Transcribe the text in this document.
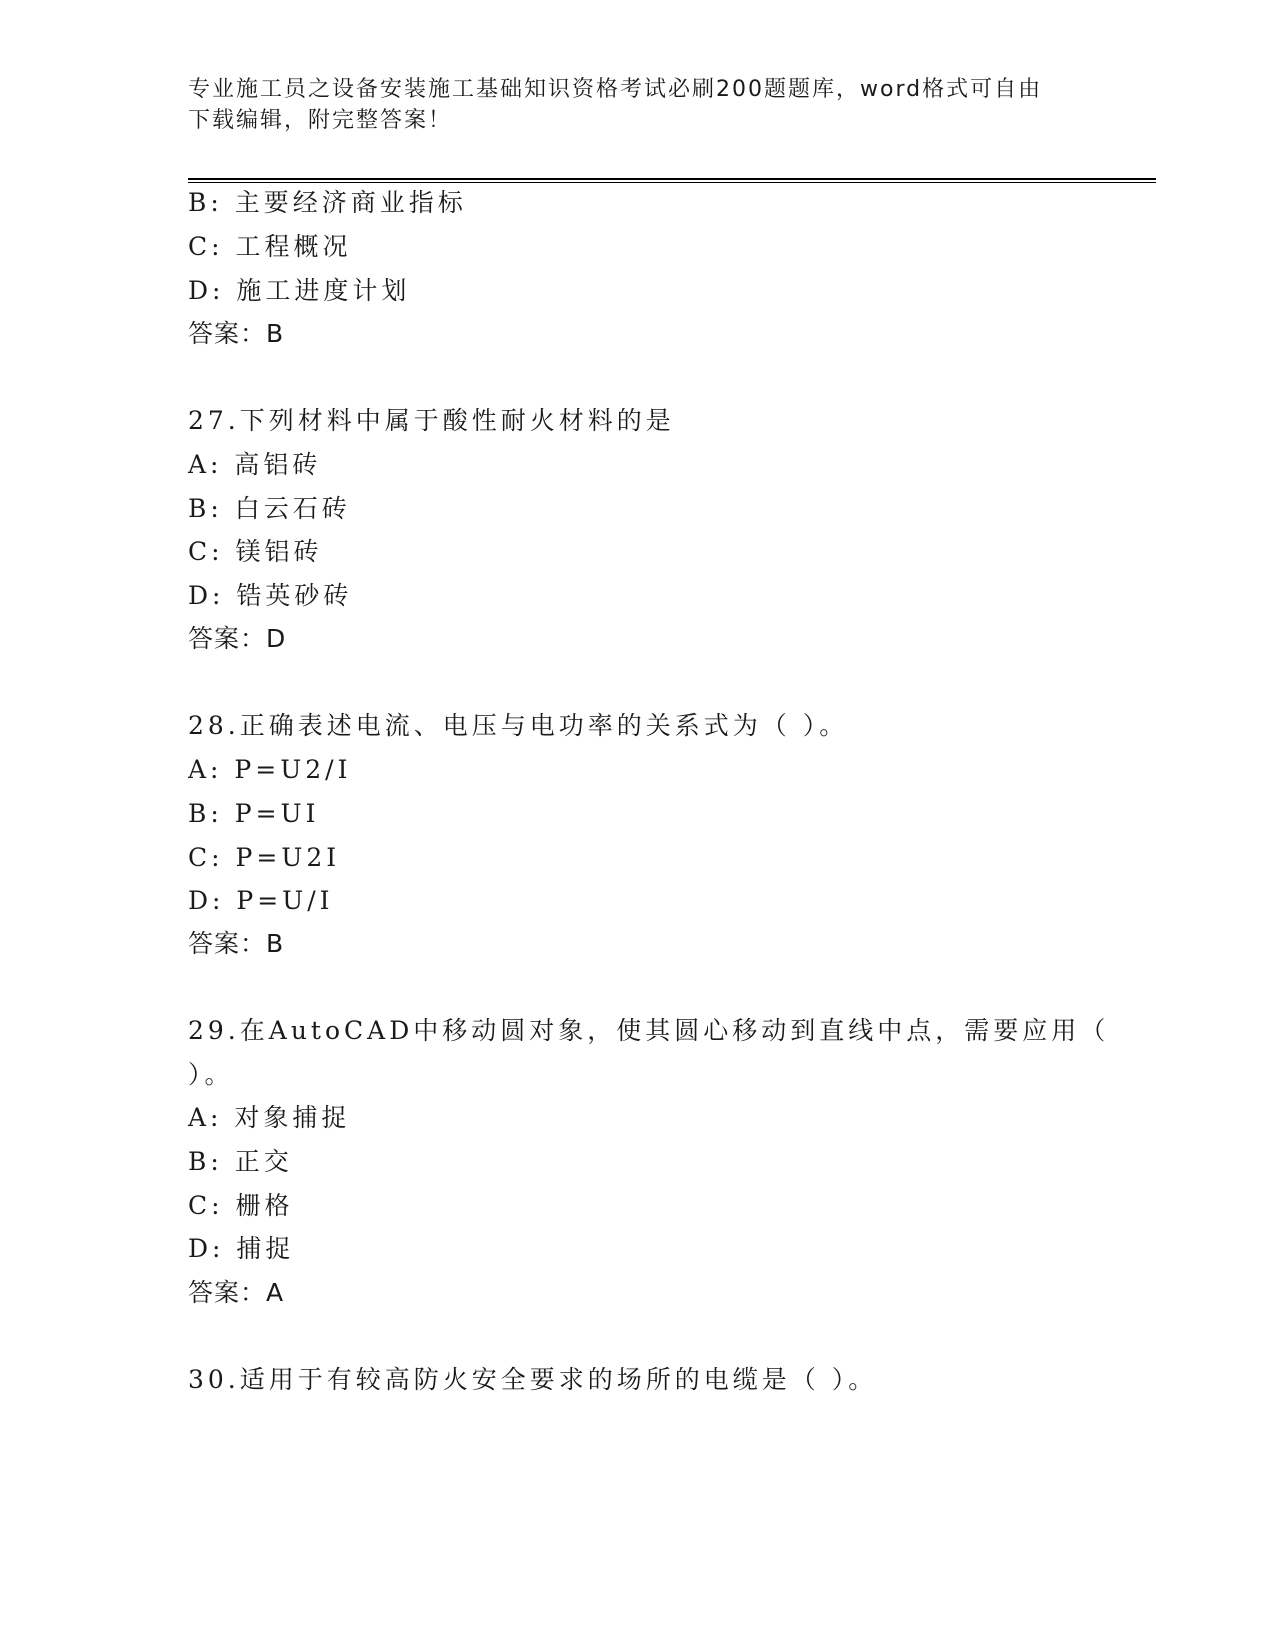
专业施工员之设备安装施工基础知识资格考试必刷200题题库，word格式可自由
下载编辑，附完整答案！
B: 主要经济商业指标
C: 工程概况
D: 施工进度计划
答案：B
27.下列材料中属于酸性耐火材料的是
A: 高铝砖
B: 白云石砖
C: 镁铝砖
D: 锆英砂砖
答案：D
28.正确表述电流、电压与电功率的关系式为（ ）。
A: P=U2/I
B: P=UI
C: P=U2I
D: P=U/I
答案：B
29.在AutoCAD中移动圆对象，使其圆心移动到直线中点，需要应用（
）。
A: 对象捕捉
B: 正交
C: 栅格
D: 捕捉
答案：A
30.适用于有较高防火安全要求的场所的电缆是（ ）。
